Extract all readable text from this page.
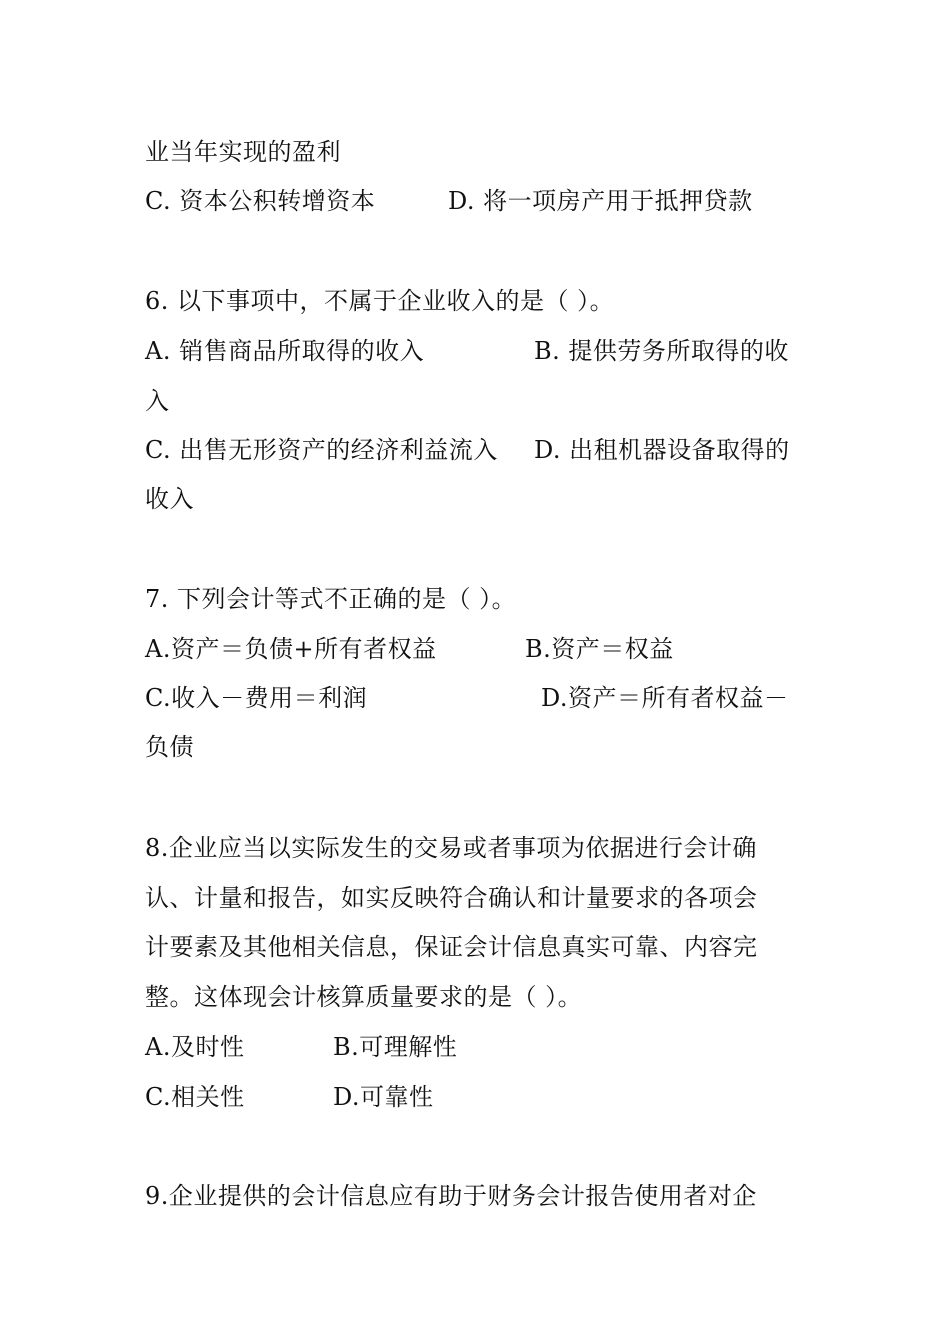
业当年实现的盈利
C. 资本公积转增资本	D. 将一项房产用于抵押贷款
6. 以下事项中，不属于企业收入的是（ ）。
A. 销售商品所取得的收入	B. 提供劳务所取得的收
入
C. 出售无形资产的经济利益流入 D. 出租机器设备取得的
收入
7. 下列会计等式不正确的是（ ）。
A.资产＝负债+所有者权益	B.资产＝权益
C.收入－费用＝利润	D.资产＝所有者权益－
负债
8.企业应当以实际发生的交易或者事项为依据进行会计确
认、计量和报告，如实反映符合确认和计量要求的各项会
计要素及其他相关信息，保证会计信息真实可靠、内容完
整。这体现会计核算质量要求的是（ ）。
A.及时性	B.可理解性
C.相关性	D.可靠性
9.企业提供的会计信息应有助于财务会计报告使用者对企
